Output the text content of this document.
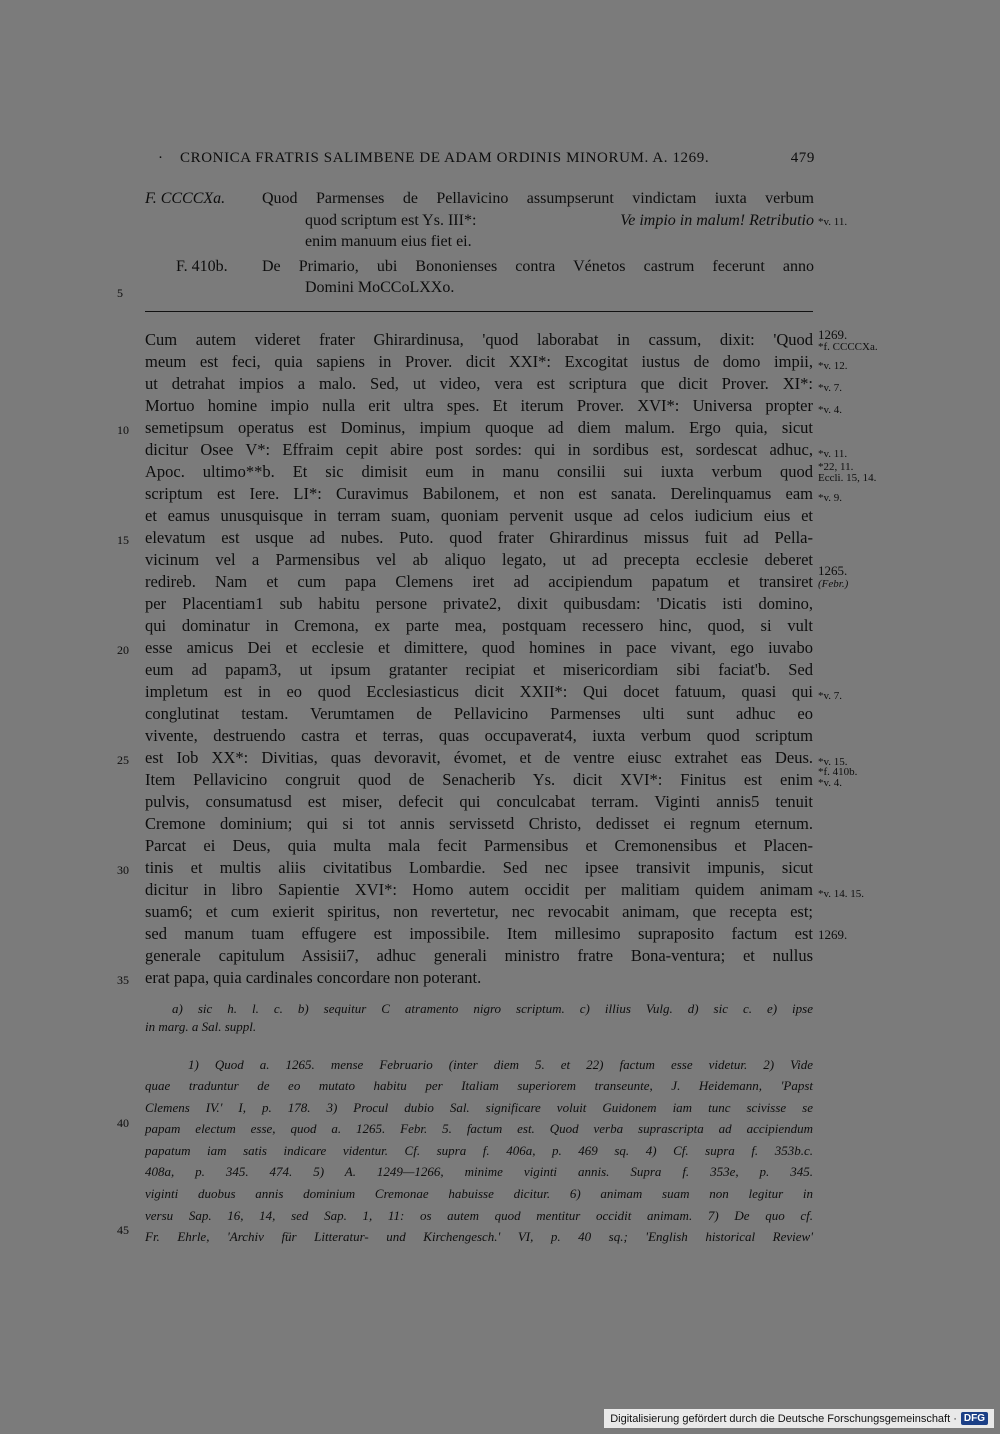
· CRONICA FRATRIS SALIMBENE DE ADAM ORDINIS MINORUM. A. 1269.	479
F. CCCCXa. Quod Parmenses de Pellavicino assumpserunt vindictam iuxta verbum
quod scriptum est Ys. III*:	Ve impio in malum! Retributio
enim manuum eius fiet ei.
*v. 11.
F. 410b. De Primario, ubi Bononienses contra Vénetos castrum fecerunt anno
Domini MoCCoLXXo.
5
Cum autem videret frater Ghirardinusa, 'quod laborabat in cassum, dixit: 'Quod
meum est feci, quia sapiens in Prover. dicit XXI*: Excogitat iustus de domo impii,
ut detrahat impios a malo. Sed, ut video, vera est scriptura que dicit Prover. XI*:
Mortuo homine impio nulla erit ultra spes. Et iterum Prover. XVI*: Universa propter
semetipsum operatus est Dominus, impium quoque ad diem malum. Ergo quia, sicut
dicitur Osee V*: Effraim cepit abire post sordes: qui in sordibus est, sordescat adhuc,
Apoc. ultimo**b. Et sic dimisit eum in manu consilii sui iuxta verbum quod
scriptum est Iere. LI*: Curavimus Babilonem, et non est sanata. Derelinquamus eam
et eamus unusquisque in terram suam, quoniam pervenit usque ad celos iudicium eius et
elevatum est usque ad nubes. Puto. quod frater Ghirardinus missus fuit ad Pella-
vicinum vel a Parmensibus vel ab aliquo legato, ut ad precepta ecclesie deberet
redireb. Nam et cum papa Clemens iret ad accipiendum papatum et transiret
per Placentiam1 sub habitu persone private2, dixit quibusdam: 'Dicatis isti domino,
qui dominatur in Cremona, ex parte mea, postquam recessero hinc, quod, si vult
esse amicus Dei et ecclesie et dimittere, quod homines in pace vivant, ego iuvabo
eum ad papam3, ut ipsum gratanter recipiat et misericordiam sibi faciat'b. Sed
impletum est in eo quod Ecclesiasticus dicit XXII*: Qui docet fatuum, quasi qui
conglutinat testam. Verumtamen de Pellavicino Parmenses ulti sunt adhuc eo
vivente, destruendo castra et terras, quas occupaverat4, iuxta verbum quod scriptum
est Iob XX*: Divitias, quas devoravit, évomet, et de ventre eiusc extrahet eas Deus.
Item Pellavicino congruit quod de Senacherib Ys. dicit XVI*: Finitus est enim
pulvis, consumatusd est miser, defecit qui conculcabat terram. Viginti annis5 tenuit
Cremone dominium; qui si tot annis servissetd Christo, dedisset ei regnum eternum.
Parcat ei Deus, quia multa mala fecit Parmensibus et Cremonensibus et Placen-
tinis et multis aliis civitatibus Lombardie. Sed nec ipsee transivit impunis, sicut
dicitur in libro Sapientie XVI*: Homo autem occidit per malitiam quidem animam
suam6; et cum exierit spiritus, non revertetur, nec revocabit animam, que recepta est;
sed manum tuam effugere est impossibile. Item millesimo supraposito factum est
generale capitulum Assisii7, adhuc generali ministro fratre Bona-ventura; et nullus
erat papa, quia cardinales concordare non poterant.
10
15
20
25
30
35
40
45
1269.
*f. CCCCXa.
*v. 12.
*v. 7.
*v. 4.
*v. 11.
*22, 11.
Eccli. 15, 14.
*v. 9.
1265.
(Febr.)
*v. 7.
*v. 15.
*f. 410b.
*v. 4.
*v. 14. 15.
1269.
a) sic h. l. c. b) sequitur C atramento nigro scriptum. c) illius Vulg. d) sic c. e) ipse
in marg. a Sal. suppl.
1) Quod a. 1265. mense Februario (inter diem 5. et 22) factum esse videtur. 2) Vide
quae traduntur de eo mutato habitu per Italiam superiorem transeunte, J. Heidemann, 'Papst
Clemens IV.' I, p. 178. 3) Procul dubio Sal. significare voluit Guidonem iam tunc scivisse se
papam electum esse, quod a. 1265. Febr. 5. factum est. Quod verba suprascripta ad accipiendum
papatum iam satis indicare videntur. Cf. supra f. 406a, p. 469 sq. 4) Cf. supra f. 353b.c.
408a, p. 345. 474. 5) A. 1249—1266, minime viginti annis. Supra f. 353e, p. 345.
viginti duobus annis dominium Cremonae habuisse dicitur. 6) animam suam non legitur in
versu Sap. 16, 14, sed Sap. 1, 11: os autem quod mentitur occidit animam. 7) De quo cf.
Fr. Ehrle, 'Archiv für Litteratur- und Kirchengesch.' VI, p. 40 sq.; 'English historical Review'
Digitalisierung gefördert durch die Deutsche Forschungsgemeinschaft · DFG
